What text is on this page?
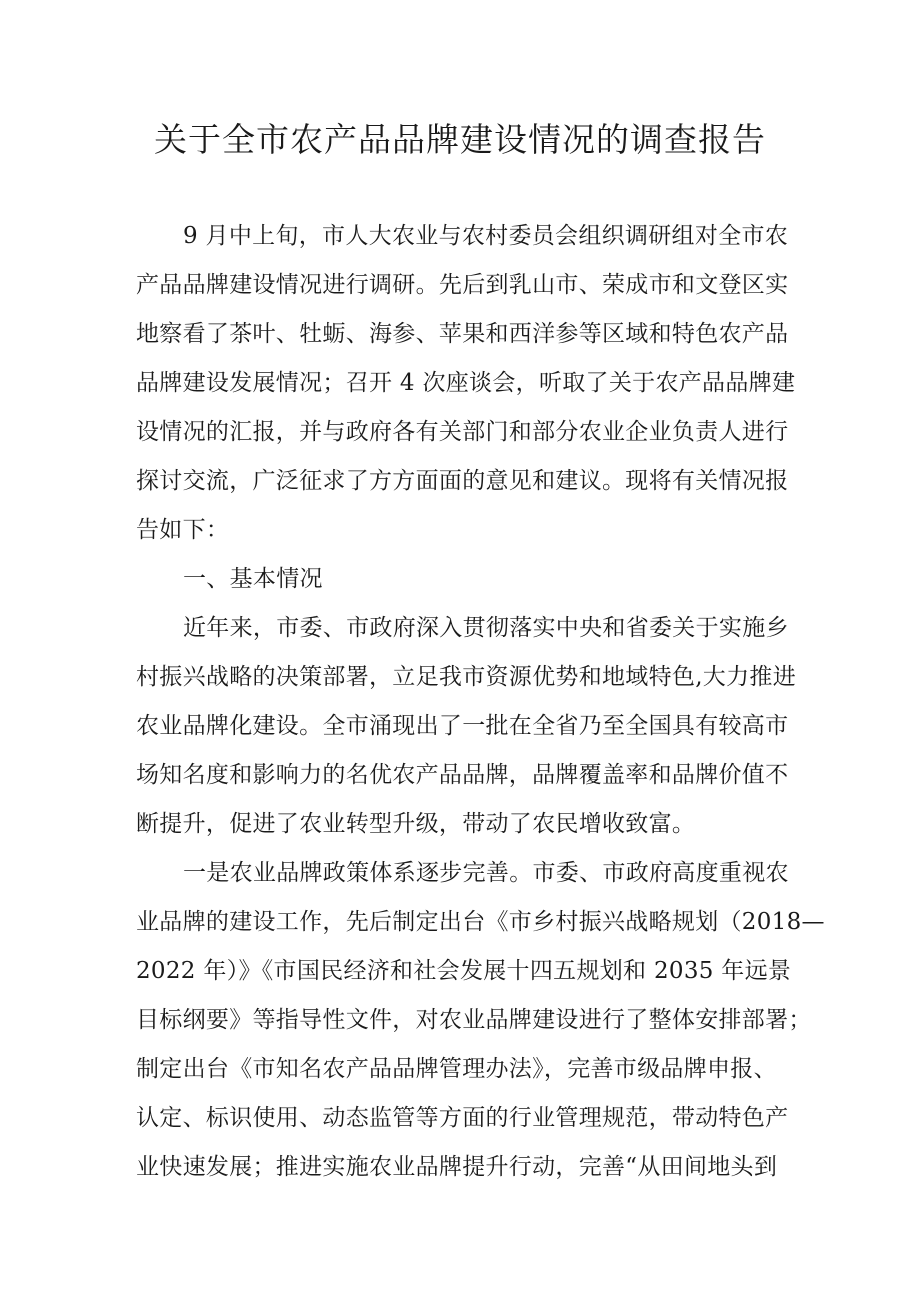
关于全市农产品品牌建设情况的调查报告
9 月中上旬，市人大农业与农村委员会组织调研组对全市农
产品品牌建设情况进行调研。先后到乳山市、荣成市和文登区实
地察看了茶叶、牡蛎、海参、苹果和西洋参等区域和特色农产品
品牌建设发展情况；召开 4 次座谈会，听取了关于农产品品牌建
设情况的汇报，并与政府各有关部门和部分农业企业负责人进行
探讨交流，广泛征求了方方面面的意见和建议。现将有关情况报
告如下：
一、基本情况
近年来，市委、市政府深入贯彻落实中央和省委关于实施乡
村振兴战略的决策部署，立足我市资源优势和地域特色,大力推进
农业品牌化建设。全市涌现出了一批在全省乃至全国具有较高市
场知名度和影响力的名优农产品品牌，品牌覆盖率和品牌价值不
断提升，促进了农业转型升级，带动了农民增收致富。
一是农业品牌政策体系逐步完善。市委、市政府高度重视农
业品牌的建设工作，先后制定出台《市乡村振兴战略规划（2018—
2022 年）》《市国民经济和社会发展十四五规划和 2035 年远景
目标纲要》等指导性文件，对农业品牌建设进行了整体安排部署；
制定出台《市知名农产品品牌管理办法》，完善市级品牌申报、
认定、标识使用、动态监管等方面的行业管理规范，带动特色产
业快速发展；推进实施农业品牌提升行动，完善“从田间地头到
